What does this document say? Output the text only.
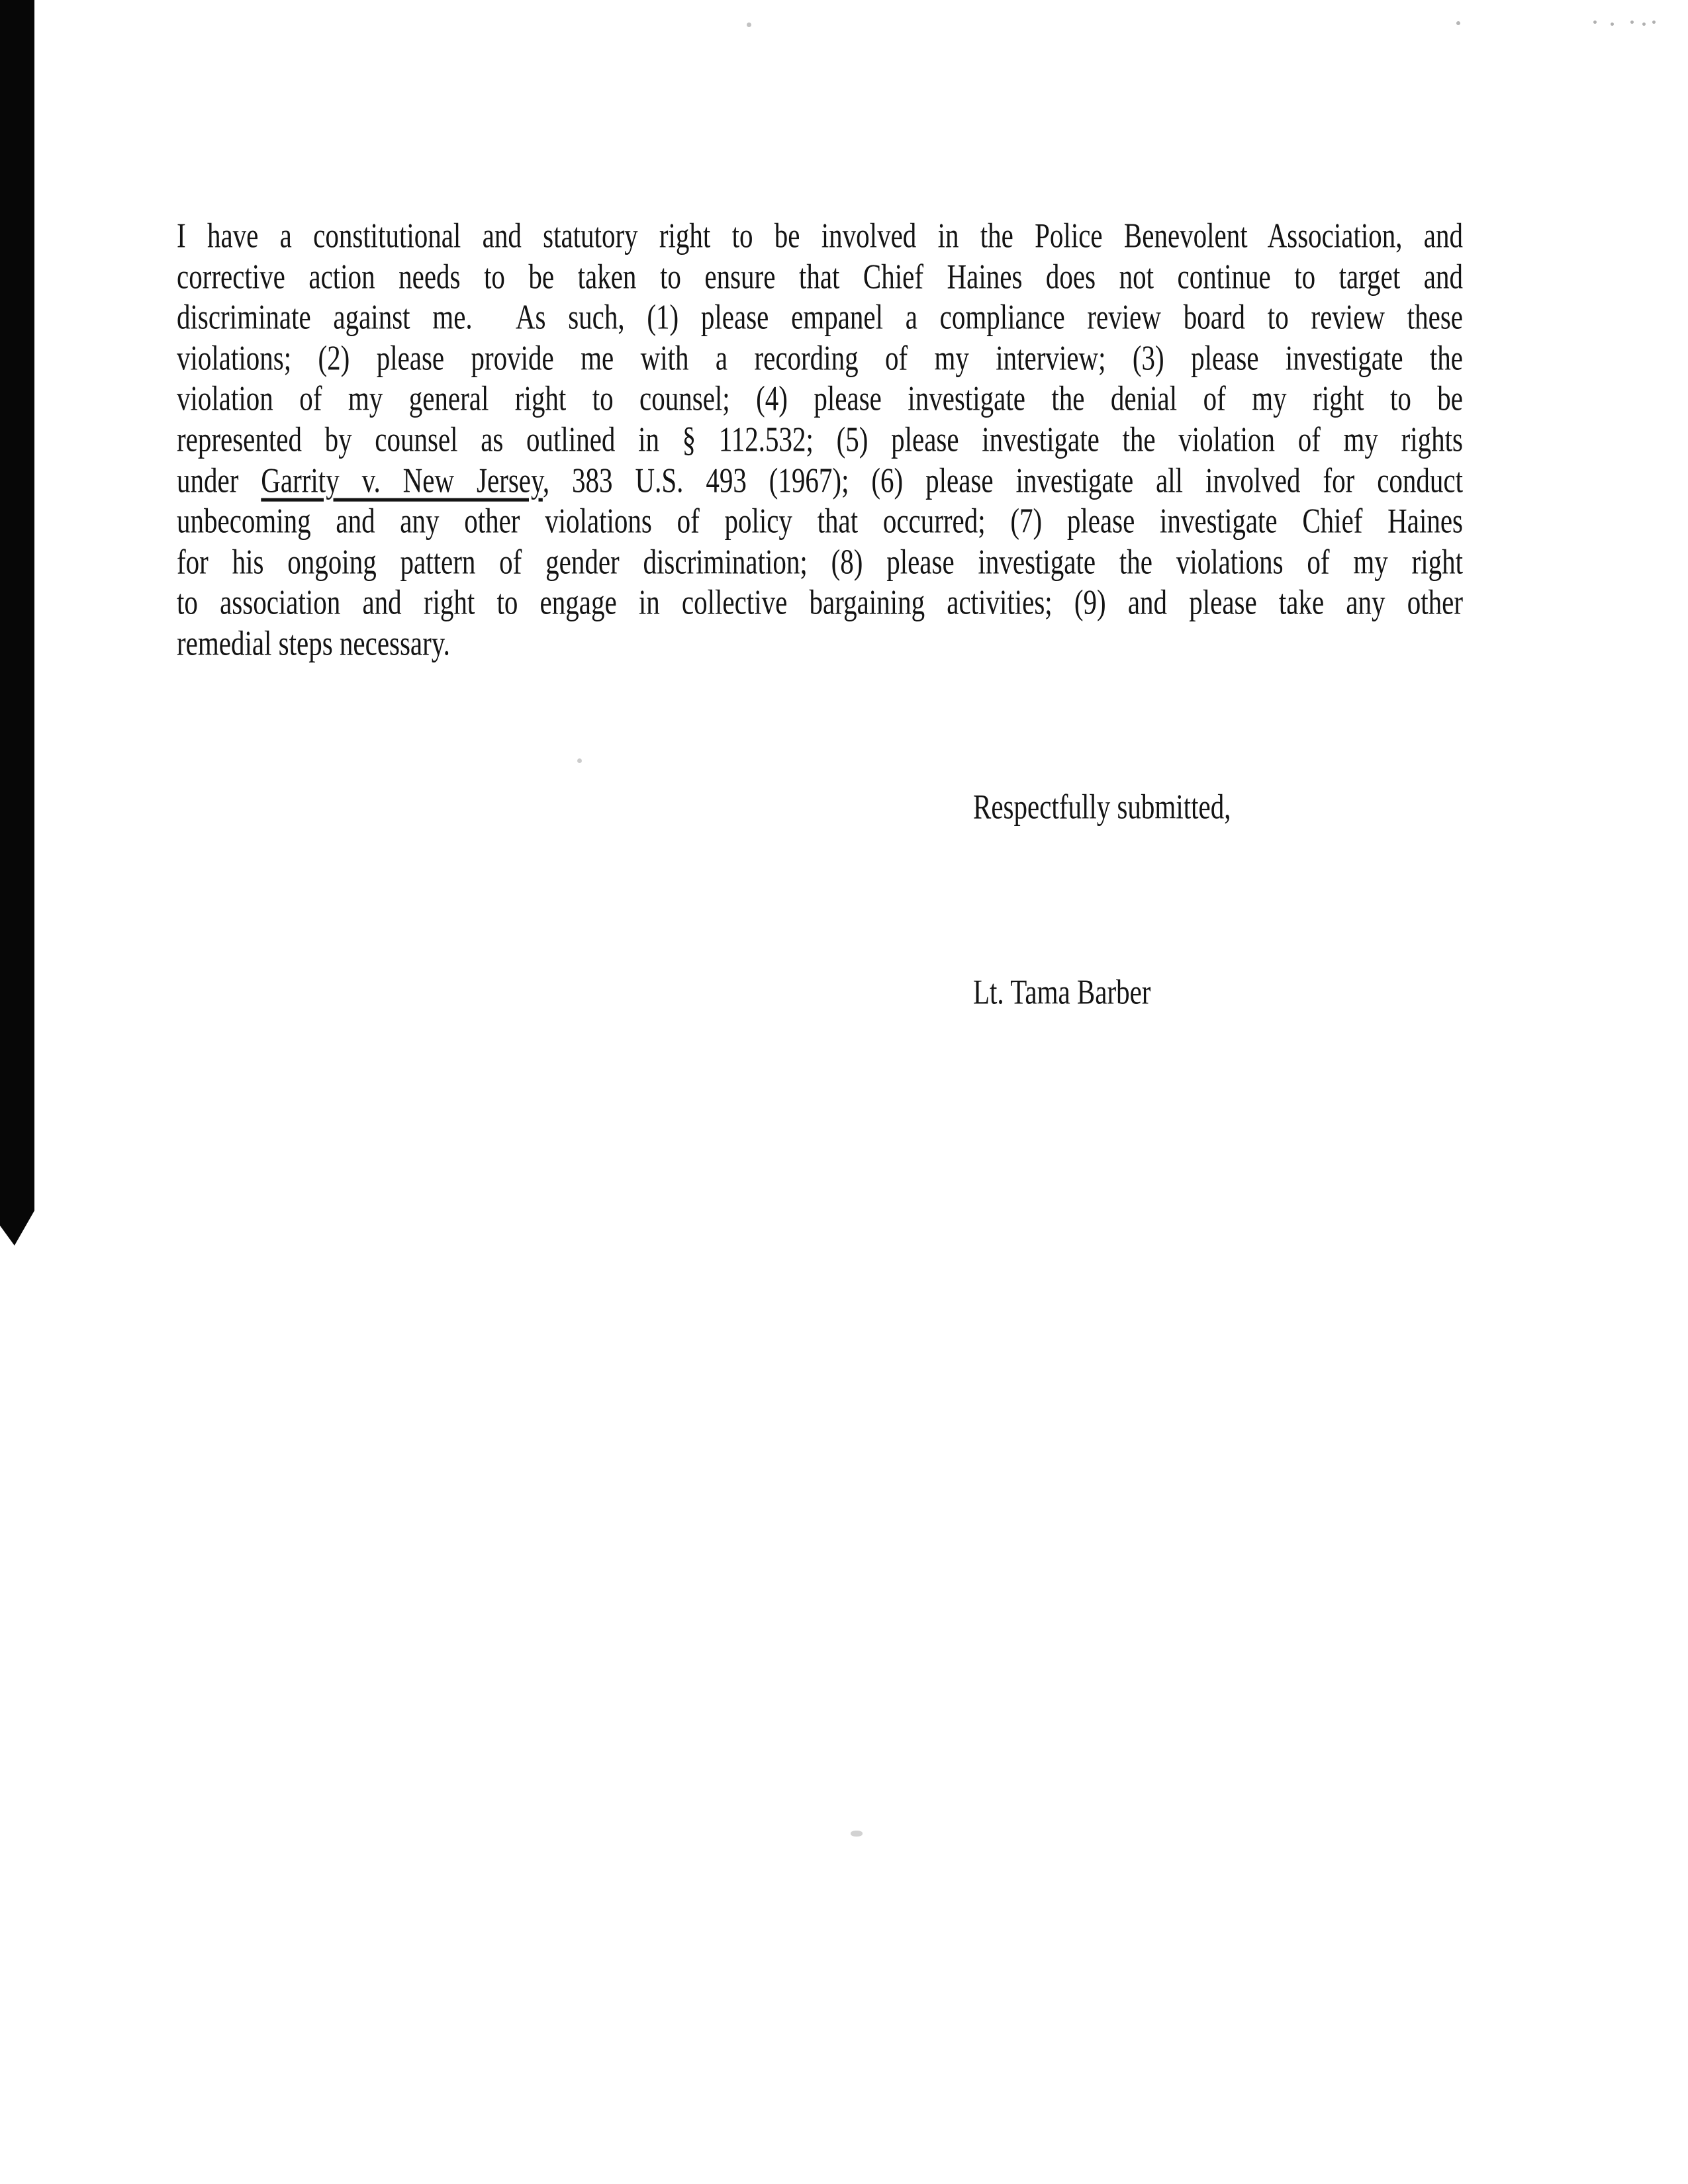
I have a constitutional and statutory right to be involved in the Police Benevolent Association, and
corrective action needs to be taken to ensure that Chief Haines does not continue to target and
discriminate against me.  As such, (1) please empanel a compliance review board to review these
violations; (2) please provide me with a recording of my interview; (3) please investigate the
violation of my general right to counsel; (4) please investigate the denial of my right to be
represented by counsel as outlined in § 112.532; (5) please investigate the violation of my rights
under Garrity v. New Jersey, 383 U.S. 493 (1967); (6) please investigate all involved for conduct
unbecoming and any other violations of policy that occurred; (7) please investigate Chief Haines
for his ongoing pattern of gender discrimination; (8) please investigate the violations of my right
to association and right to engage in collective bargaining activities; (9) and please take any other
remedial steps necessary.
Respectfully submitted,
Lt. Tama Barber
